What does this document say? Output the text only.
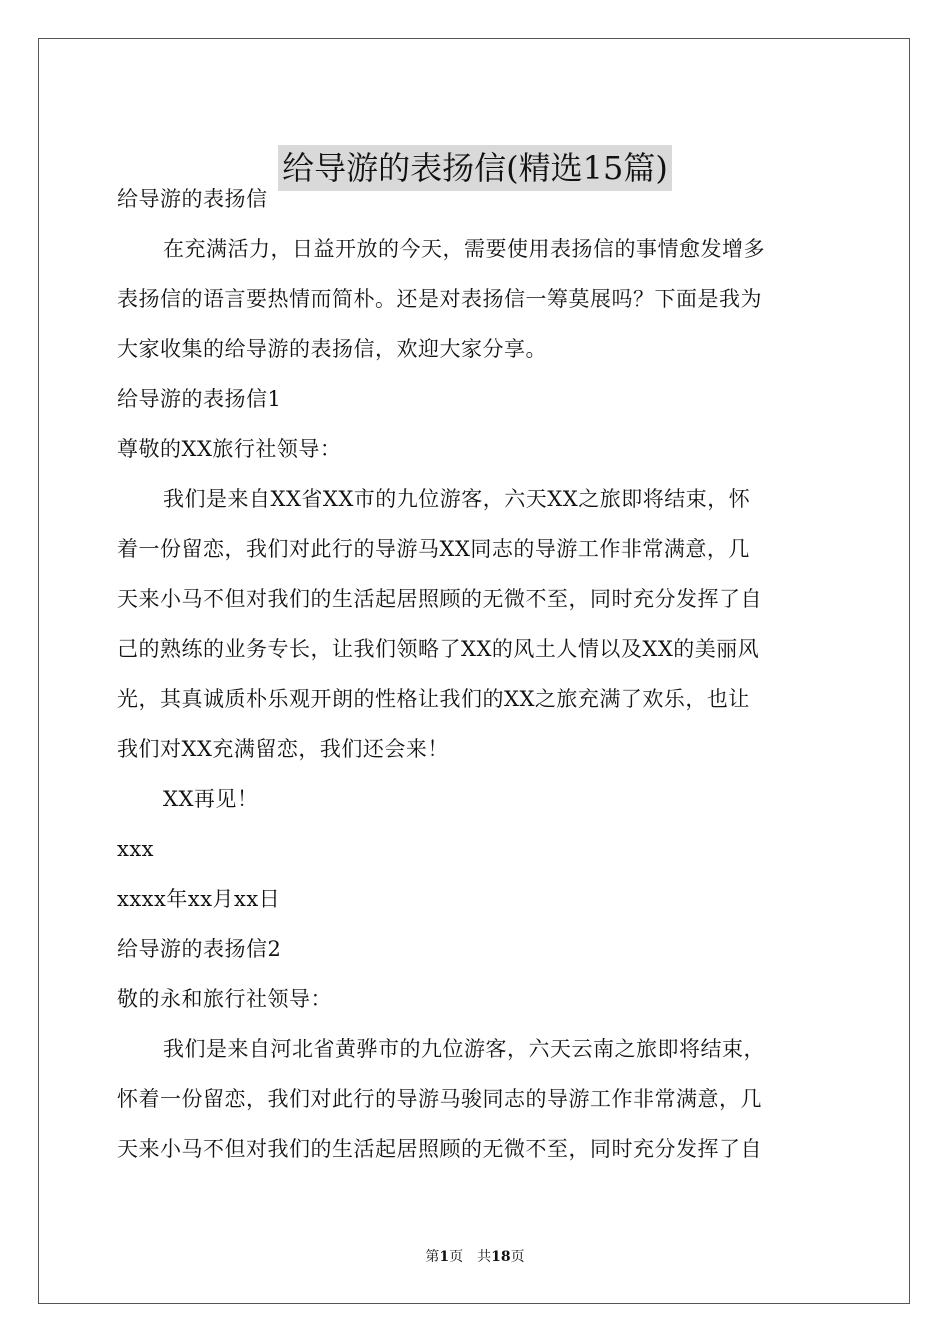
给导游的表扬信(精选15篇)
给导游的表扬信
在充满活力，日益开放的今天，需要使用表扬信的事情愈发增多
表扬信的语言要热情而简朴。还是对表扬信一筹莫展吗？下面是我为
大家收集的给导游的表扬信，欢迎大家分享。
给导游的表扬信1
尊敬的XX旅行社领导：
我们是来自XX省XX市的九位游客，六天XX之旅即将结束，怀
着一份留恋，我们对此行的导游马XX同志的导游工作非常满意，几
天来小马不但对我们的生活起居照顾的无微不至，同时充分发挥了自
己的熟练的业务专长，让我们领略了XX的风土人情以及XX的美丽风
光，其真诚质朴乐观开朗的性格让我们的XX之旅充满了欢乐，也让
我们对XX充满留恋，我们还会来！
XX再见！
xxx
xxxx年xx月xx日
给导游的表扬信2
敬的永和旅行社领导：
我们是来自河北省黄骅市的九位游客，六天云南之旅即将结束，
怀着一份留恋，我们对此行的导游马骏同志的导游工作非常满意，几
天来小马不但对我们的生活起居照顾的无微不至，同时充分发挥了自
第1页 共18页
